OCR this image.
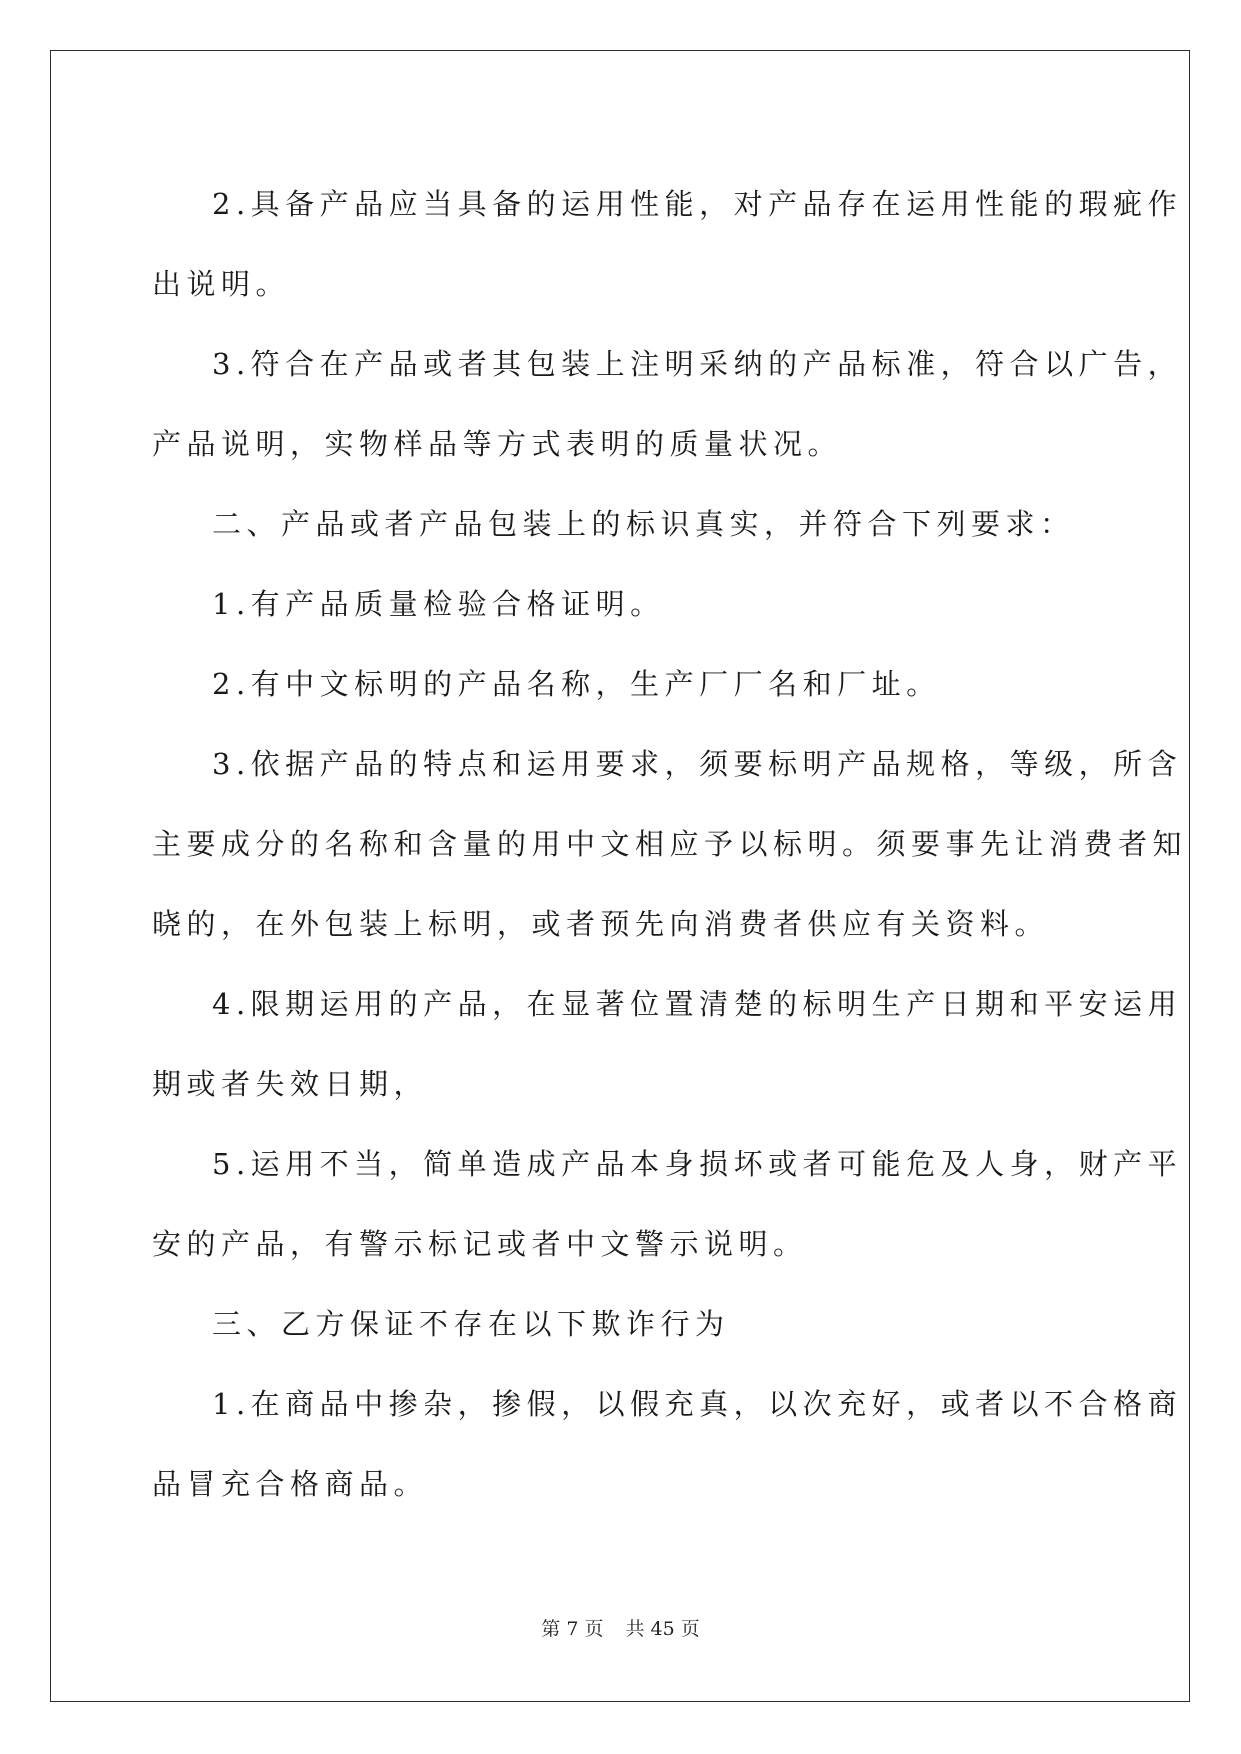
2.具备产品应当具备的运用性能，对产品存在运用性能的瑕疵作
出说明。

3.符合在产品或者其包装上注明采纳的产品标准，符合以广告，
产品说明，实物样品等方式表明的质量状况。

二、产品或者产品包装上的标识真实，并符合下列要求：

1.有产品质量检验合格证明。

2.有中文标明的产品名称，生产厂厂名和厂址。

3.依据产品的特点和运用要求，须要标明产品规格，等级，所含
主要成分的名称和含量的用中文相应予以标明。须要事先让消费者知
晓的，在外包装上标明，或者预先向消费者供应有关资料。

4.限期运用的产品，在显著位置清楚的标明生产日期和平安运用
期或者失效日期，

5.运用不当，简单造成产品本身损坏或者可能危及人身，财产平
安的产品，有警示标记或者中文警示说明。

三、乙方保证不存在以下欺诈行为

1.在商品中掺杂，掺假，以假充真，以次充好，或者以不合格商
品冒充合格商品。

第 7 页 共 45 页
